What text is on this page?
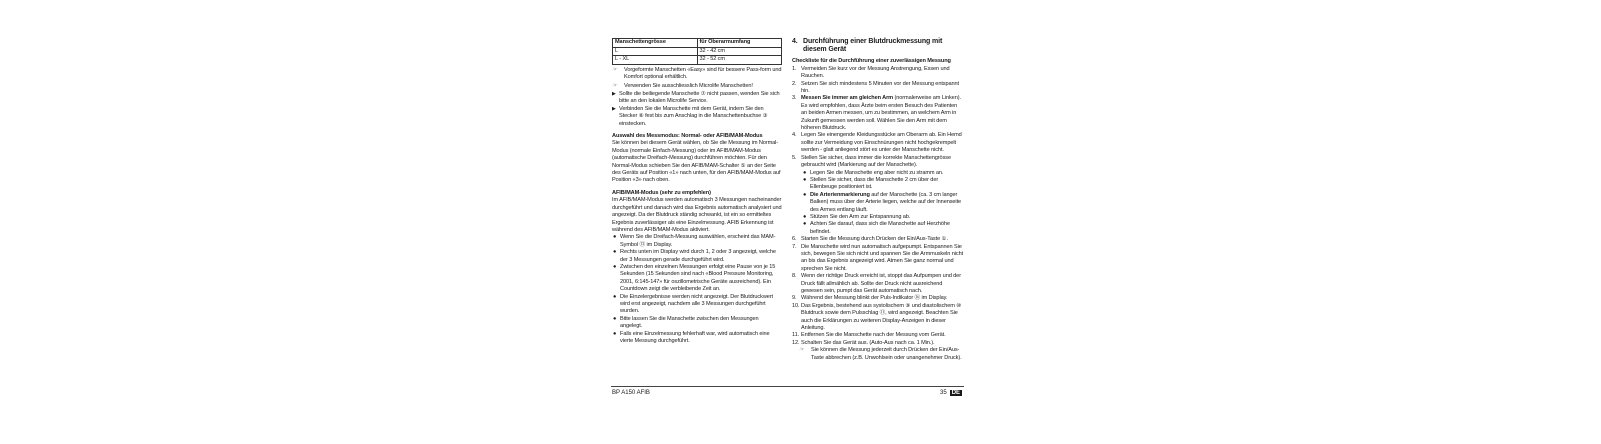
Manschettengrösse	für Oberarmumfang
L	32 - 42 cm
L - XL	32 - 52 cm
☞ Vorgeformte Manschetten «Easy» sind für bessere Pass-form und Komfort optional erhältlich.
☞ Verwenden Sie ausschliesslich Microlife Manschetten!
▶ Sollte die beiliegende Manschette ⑦ nicht passen, wenden Sie sich bitte an den lokalen Microlife Service.
▶ Verbinden Sie die Manschette mit dem Gerät, indem Sie den Stecker ⑧ fest bis zum Anschlag in die Manschettenbuchse ③ einstecken.
Auswahl des Messmodus: Normal- oder AFIB/MAM-Modus
Sie können bei diesem Gerät wählen, ob Sie die Messung im Normal-Modus (normale Einfach-Messung) oder im AFIB/MAM-Modus (automatische Dreifach-Messung) durchführen möchten. Für den Normal-Modus schieben Sie den AFIB/MAM-Schalter ⑤ an der Seite des Geräts auf Position «1» nach unten, für den AFIB/MAM-Modus auf Position «3» nach oben.
AFIB/MAM-Modus (sehr zu empfehlen)
Im AFIB/MAM-Modus werden automatisch 3 Messungen nacheinander durchgeführt und danach wird das Ergebnis automatisch analysiert und angezeigt. Da der Blutdruck ständig schwankt, ist ein so ermitteltes Ergebnis zuverlässiger als eine Einzelmessung. AFIB Erkennung ist während des AFIB/MAM-Modus aktiviert.
● Wenn Sie die Dreifach-Messung auswählen, erscheint das MAM-Symbol ⑬ im Display.
● Rechts unten im Display wird durch 1, 2 oder 3 angezeigt, welche der 3 Messungen gerade durchgeführt wird.
● Zwischen den einzelnen Messungen erfolgt eine Pause von je 15 Sekunden (15 Sekunden sind nach «Blood Pressure Monitoring, 2001, 6:145-147» für oszillometrische Geräte ausreichend). Ein Countdown zeigt die verbleibende Zeit an.
● Die Einzelergebnisse werden nicht angezeigt. Der Blutdruckwert wird erst angezeigt, nachdem alle 3 Messungen durchgeführt wurden.
● Bitte lassen Sie die Manschette zwischen den Messungen angelegt.
● Falls eine Einzelmessung fehlerhaft war, wird automatisch eine vierte Messung durchgeführt.
4. Durchführung einer Blutdruckmessung mit diesem Gerät
Checkliste für die Durchführung einer zuverlässigen Messung
1. Vermeiden Sie kurz vor der Messung Anstrengung, Essen und Rauchen.
2. Setzen Sie sich mindestens 5 Minuten vor der Messung entspannt hin.
3. Messen Sie immer am gleichen Arm (normalerweise am Linken). Es wird empfohlen, dass Ärzte beim ersten Besuch des Patienten an beiden Armen messen, um zu bestimmen, an welchem Arm in Zukunft gemessen werden soll. Wählen Sie den Arm mit dem höheren Blutdruck.
4. Legen Sie einengende Kleidungsstücke am Oberarm ab. Ein Hemd sollte zur Vermeidung von Einschnürungen nicht hochgekrempelt werden - glatt anliegend stört es unter der Manschette nicht.
5. Stellen Sie sicher, dass immer die korrekte Manschettengrösse gebraucht wird (Markierung auf der Manschette).
● Legen Sie die Manschette eng aber nicht zu stramm an.
● Stellen Sie sicher, dass die Manschette 2 cm über der Ellenbeuge positioniert ist.
● Die Arterienmarkierung auf der Manschette (ca. 3 cm langer Balken) muss über der Arterie liegen, welche auf der Innenseite des Armes entlang läuft.
● Stützen Sie den Arm zur Entspannung ab.
● Achten Sie darauf, dass sich die Manschette auf Herzhöhe befindet.
6. Starten Sie die Messung durch Drücken der Ein/Aus-Taste ①.
7. Die Manschette wird nun automatisch aufgepumpt. Entspannen Sie sich, bewegen Sie sich nicht und spannen Sie die Armmuskeln nicht an bis das Ergebnis angezeigt wird. Atmen Sie ganz normal und sprechen Sie nicht.
8. Wenn der richtige Druck erreicht ist, stoppt das Aufpumpen und der Druck fällt allmählich ab. Sollte der Druck nicht ausreichend gewesen sein, pumpt das Gerät automatisch nach.
9. Während der Messung blinkt der Puls-Indikator ⑯ im Display.
10. Das Ergebnis, bestehend aus systolischem ⑨ und diastolischem ⑩ Blutdruck sowie dem Pulsschlag ⑪, wird angezeigt. Beachten Sie auch die Erklärungen zu weiteren Display-Anzeigen in dieser Anleitung.
11. Entfernen Sie die Manschette nach der Messung vom Gerät.
12. Schalten Sie das Gerät aus. (Auto-Aus nach ca. 1 Min.).
☞ Sie können die Messung jederzeit durch Drücken der Ein/Aus-Taste abbrechen (z.B. Unwohlsein oder unangenehmer Druck).
BP A150 AFIB	35 DE
